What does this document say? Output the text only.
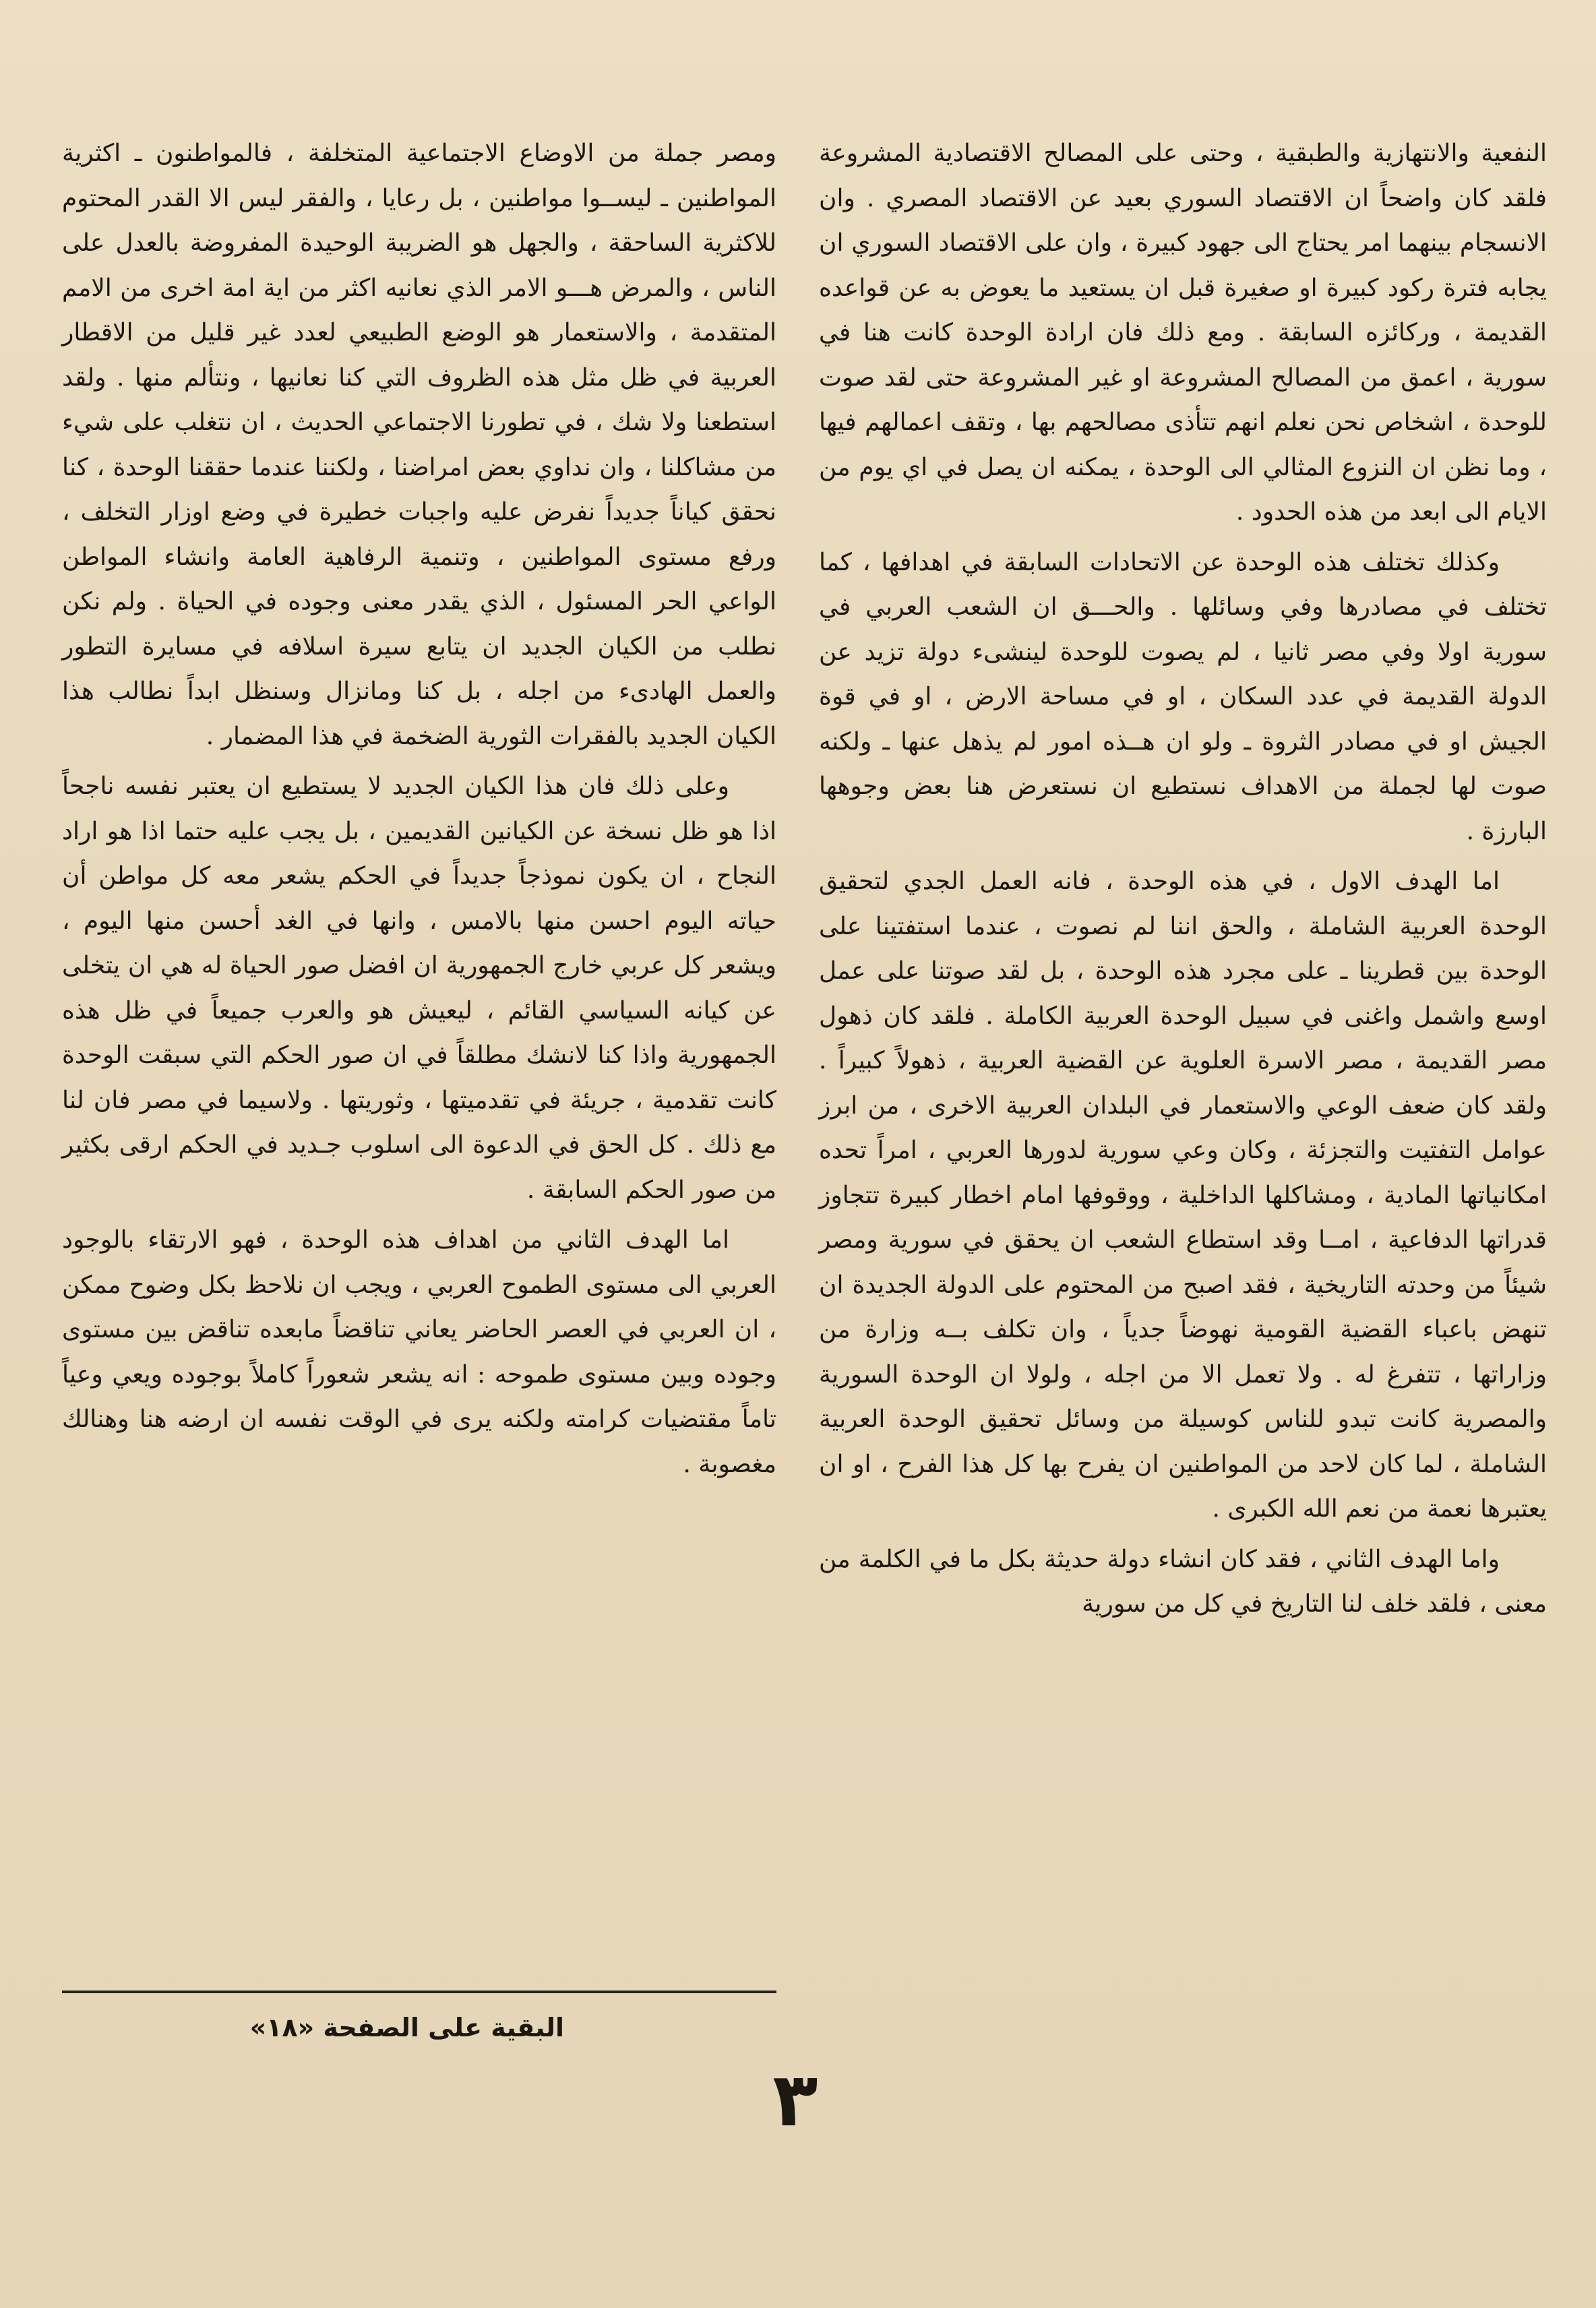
النفعية والانتهازية والطبقية ، وحتى على المصالح الاقتصادية المشروعة فلقد كان واضحاً ان الاقتصاد السوري بعيد عن الاقتصاد المصري . وان الانسجام بينهما امر يحتاج الى جهود كبيرة ، وان على الاقتصاد السوري ان يجابه فترة ركود كبيرة او صغيرة قبل ان يستعيد ما يعوض به عن قواعده القديمة ، وركائزه السابقة . ومع ذلك فان ارادة الوحدة كانت هنا في سورية ، اعمق من المصالح المشروعة او غير المشروعة حتى لقد صوت للوحدة ، اشخاص نحن نعلم انهم تتأذى مصالحهم بها ، وتقف اعمالهم فيها ، وما نظن ان النزوع المثالي الى الوحدة ، يمكنه ان يصل في اي يوم من الايام الى ابعد من هذه الحدود .

وكذلك تختلف هذه الوحدة عن الاتحادات السابقة في اهدافها ، كما تختلف في مصادرها وفي وسائلها . والحـــق ان الشعب العربي في سورية اولا وفي مصر ثانيا ، لم يصوت للوحدة لينشىء دولة تزيد عن الدولة القديمة في عدد السكان ، او في مساحة الارض ، او في قوة الجيش او في مصادر الثروة ـ ولو ان هــذه امور لم يذهل عنها ـ ولكنه صوت لها لجملة من الاهداف نستطيع ان نستعرض هنا بعض وجوهها البارزة .

اما الهدف الاول ، في هذه الوحدة ، فانه العمل الجدي لتحقيق الوحدة العربية الشاملة ، والحق اننا لم نصوت ، عندما استفتينا على الوحدة بين قطرينا ـ على مجرد هذه الوحدة ، بل لقد صوتنا على عمل اوسع واشمل واغنى في سبيل الوحدة العربية الكاملة . فلقد كان ذهول مصر القديمة ، مصر الاسرة العلوية عن القضية العربية ، ذهولاً كبيراً . ولقد كان ضعف الوعي والاستعمار في البلدان العربية الاخرى ، من ابرز عوامل التفتيت والتجزئة ، وكان وعي سورية لدورها العربي ، امراً تحده امكانياتها المادية ، ومشاكلها الداخلية ، ووقوفها امام اخطار كبيرة تتجاوز قدراتها الدفاعية ، امــا وقد استطاع الشعب ان يحقق في سورية ومصر شيئاً من وحدته التاريخية ، فقد اصبح من المحتوم على الدولة الجديدة ان تنهض باعباء القضية القومية نهوضاً جدياً ، وان تكلف بــه وزارة من وزاراتها ، تتفرغ له . ولا تعمل الا من اجله ، ولولا ان الوحدة السورية والمصرية كانت تبدو للناس كوسيلة من وسائل تحقيق الوحدة العربية الشاملة ، لما كان لاحد من المواطنين ان يفرح بها كل هذا الفرح ، او ان يعتبرها نعمة من نعم الله الكبرى .

واما الهدف الثاني ، فقد كان انشاء دولة حديثة بكل ما في الكلمة من معنى ، فلقد خلف لنا التاريخ في كل من سورية

ومصر جملة من الاوضاع الاجتماعية المتخلفة ، فالمواطنون ـ اكثرية المواطنين ـ ليســوا مواطنين ، بل رعايا ، والفقر ليس الا القدر المحتوم للاكثرية الساحقة ، والجهل هو الضريبة الوحيدة المفروضة بالعدل على الناس ، والمرض هـــو الامر الذي نعانيه اكثر من اية امة اخرى من الامم المتقدمة ، والاستعمار هو الوضع الطبيعي لعدد غير قليل من الاقطار العربية في ظل مثل هذه الظروف التي كنا نعانيها ، ونتألم منها . ولقد استطعنا ولا شك ، في تطورنا الاجتماعي الحديث ، ان نتغلب على شيء من مشاكلنا ، وان نداوي بعض امراضنا ، ولكننا عندما حققنا الوحدة ، كنا نحقق كياناً جديداً نفرض عليه واجبات خطيرة في وضع اوزار التخلف ، ورفع مستوى المواطنين ، وتنمية الرفاهية العامة وانشاء المواطن الواعي الحر المسئول ، الذي يقدر معنى وجوده في الحياة . ولم نكن نطلب من الكيان الجديد ان يتابع سيرة اسلافه في مسايرة التطور والعمل الهادىء من اجله ، بل كنا ومانزال وسنظل ابداً نطالب هذا الكيان الجديد بالفقرات الثورية الضخمة في هذا المضمار .

وعلى ذلك فان هذا الكيان الجديد لا يستطيع ان يعتبر نفسه ناجحاً اذا هو ظل نسخة عن الكيانين القديمين ، بل يجب عليه حتما اذا هو اراد النجاح ، ان يكون نموذجاً جديداً في الحكم يشعر معه كل مواطن أن حياته اليوم احسن منها بالامس ، وانها في الغد أحسن منها اليوم ، ويشعر كل عربي خارج الجمهورية ان افضل صور الحياة له هي ان يتخلى عن كيانه السياسي القائم ، ليعيش هو والعرب جميعاً في ظل هذه الجمهورية واذا كنا لانشك مطلقاً في ان صور الحكم التي سبقت الوحدة كانت تقدمية ، جريئة في تقدميتها ، وثوريتها . ولاسيما في مصر فان لنا مع ذلك . كل الحق في الدعوة الى اسلوب جـديد في الحكم ارقى بكثير من صور الحكم السابقة .

اما الهدف الثاني من اهداف هذه الوحدة ، فهو الارتقاء بالوجود العربي الى مستوى الطموح العربي ، ويجب ان نلاحظ بكل وضوح ممكن ، ان العربي في العصر الحاضر يعاني تناقضاً مابعده تناقض بين مستوى وجوده وبين مستوى طموحه : انه يشعر شعوراً كاملاً بوجوده ويعي وعياً تاماً مقتضيات كرامته ولكنه يرى في الوقت نفسه ان ارضه هنا وهنالك مغصوبة .

البقية على الصفحة «١٨»
٣
